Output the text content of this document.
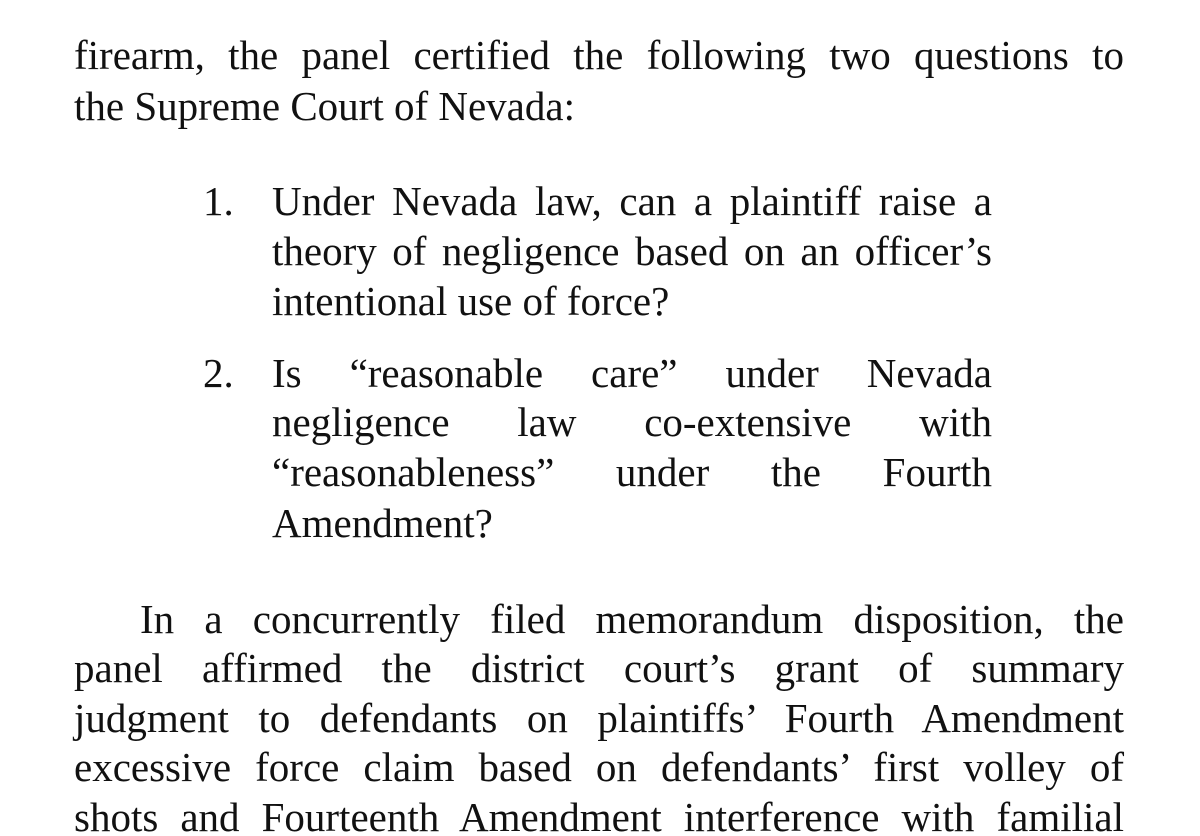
firearm, the panel certified the following two questions to
the Supreme Court of Nevada:
1. Under Nevada law, can a plaintiff raise a
theory of negligence based on an officer’s
intentional use of force?
2. Is “reasonable care” under Nevada
negligence law co-extensive with
“reasonableness” under the Fourth
Amendment?
In a concurrently filed memorandum disposition, the
panel affirmed the district court’s grant of summary
judgment to defendants on plaintiffs’ Fourth Amendment
excessive force claim based on defendants’ first volley of
shots and Fourteenth Amendment interference with familial
